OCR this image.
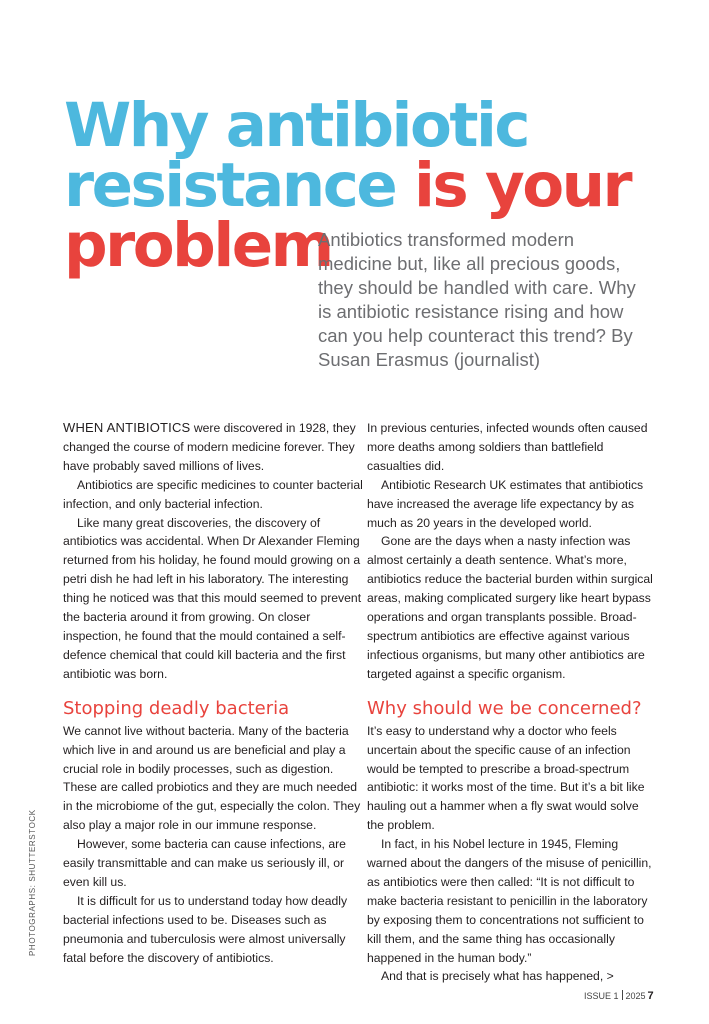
Why antibiotic
resistance is your
problem

Antibiotics transformed modern medicine but, like all precious goods, they should be handled with care. Why is antibiotic resistance rising and how can you help counteract this trend? By Susan Erasmus (journalist)

WHEN ANTIBIOTICS were discovered in 1928, they changed the course of modern medicine forever. They have probably saved millions of lives.

Antibiotics are specific medicines to counter bacterial infection, and only bacterial infection.

Like many great discoveries, the discovery of antibiotics was accidental. When Dr Alexander Fleming returned from his holiday, he found mould growing on a petri dish he had left in his laboratory. The interesting thing he noticed was that this mould seemed to prevent the bacteria around it from growing. On closer inspection, he found that the mould contained a self-defence chemical that could kill bacteria and the first antibiotic was born.

Stopping deadly bacteria

We cannot live without bacteria. Many of the bacteria which live in and around us are beneficial and play a crucial role in bodily processes, such as digestion. These are called probiotics and they are much needed in the microbiome of the gut, especially the colon. They also play a major role in our immune response.

However, some bacteria can cause infections, are easily transmittable and can make us seriously ill, or even kill us.

It is difficult for us to understand today how deadly bacterial infections used to be. Diseases such as pneumonia and tuberculosis were almost universally fatal before the discovery of antibiotics.

In previous centuries, infected wounds often caused more deaths among soldiers than battlefield casualties did.

Antibiotic Research UK estimates that antibiotics have increased the average life expectancy by as much as 20 years in the developed world.

Gone are the days when a nasty infection was almost certainly a death sentence. What’s more, antibiotics reduce the bacterial burden within surgical areas, making complicated surgery like heart bypass operations and organ transplants possible. Broad-spectrum antibiotics are effective against various infectious organisms, but many other antibiotics are targeted against a specific organism.

Why should we be concerned?

It’s easy to understand why a doctor who feels uncertain about the specific cause of an infection would be tempted to prescribe a broad-spectrum antibiotic: it works most of the time. But it’s a bit like hauling out a hammer when a fly swat would solve the problem.

In fact, in his Nobel lecture in 1945, Fleming warned about the dangers of the misuse of penicillin, as antibiotics were then called: “It is not difficult to make bacteria resistant to penicillin in the laboratory by exposing them to concentrations not sufficient to kill them, and the same thing has occasionally happened in the human body.”

And that is precisely what has happened, >

PHOTOGRAPHS: SHUTTERSTOCK
ISSUE 1 2025 7
